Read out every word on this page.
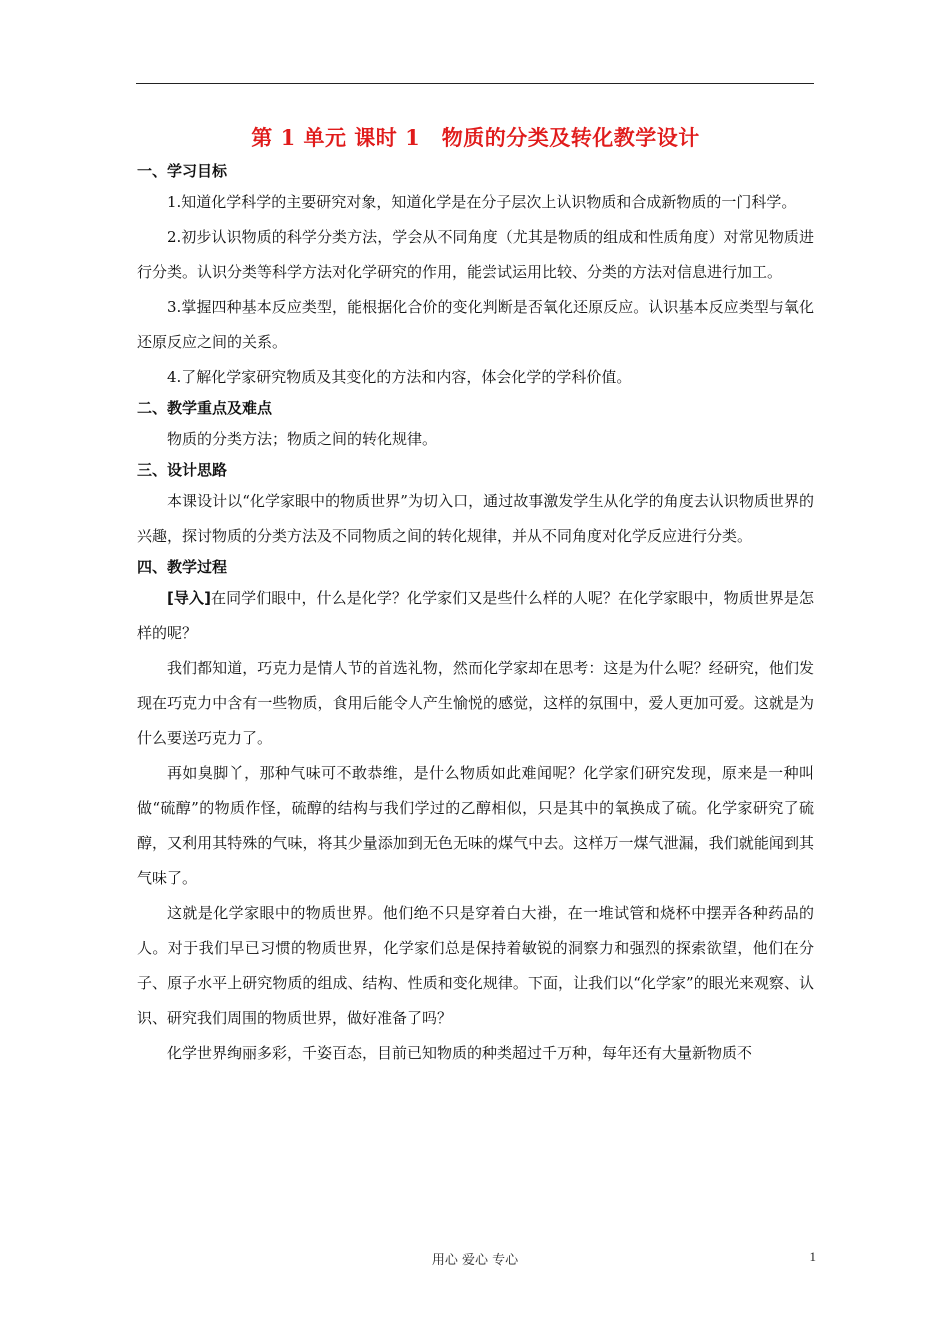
第 1 单元 课时 1　物质的分类及转化教学设计

一、学习目标

1.知道化学科学的主要研究对象，知道化学是在分子层次上认识物质和合成新物质的一门科学。

2.初步认识物质的科学分类方法，学会从不同角度（尤其是物质的组成和性质角度）对常见物质进行分类。认识分类等科学方法对化学研究的作用，能尝试运用比较、分类的方法对信息进行加工。

3.掌握四种基本反应类型，能根据化合价的变化判断是否氧化还原反应。认识基本反应类型与氧化还原反应之间的关系。

4.了解化学家研究物质及其变化的方法和内容，体会化学的学科价值。

二、教学重点及难点

物质的分类方法；物质之间的转化规律。

三、设计思路

本课设计以“化学家眼中的物质世界”为切入口，通过故事激发学生从化学的角度去认识物质世界的兴趣，探讨物质的分类方法及不同物质之间的转化规律，并从不同角度对化学反应进行分类。

四、教学过程

[导入]在同学们眼中，什么是化学？化学家们又是些什么样的人呢？在化学家眼中，物质世界是怎样的呢？

我们都知道，巧克力是情人节的首选礼物，然而化学家却在思考：这是为什么呢？经研究，他们发现在巧克力中含有一些物质，食用后能令人产生愉悦的感觉，这样的氛围中，爱人更加可爱。这就是为什么要送巧克力了。

再如臭脚丫，那种气味可不敢恭维，是什么物质如此难闻呢？化学家们研究发现，原来是一种叫做“硫醇”的物质作怪，硫醇的结构与我们学过的乙醇相似，只是其中的氧换成了硫。化学家研究了硫醇，又利用其特殊的气味，将其少量添加到无色无味的煤气中去。这样万一煤气泄漏，我们就能闻到其气味了。

这就是化学家眼中的物质世界。他们绝不只是穿着白大褂，在一堆试管和烧杯中摆弄各种药品的人。对于我们早已习惯的物质世界，化学家们总是保持着敏锐的洞察力和强烈的探索欲望，他们在分子、原子水平上研究物质的组成、结构、性质和变化规律。下面，让我们以“化学家”的眼光来观察、认识、研究我们周围的物质世界，做好准备了吗？

化学世界绚丽多彩，千姿百态，目前已知物质的种类超过千万种，每年还有大量新物质不

用心 爱心 专心	1
